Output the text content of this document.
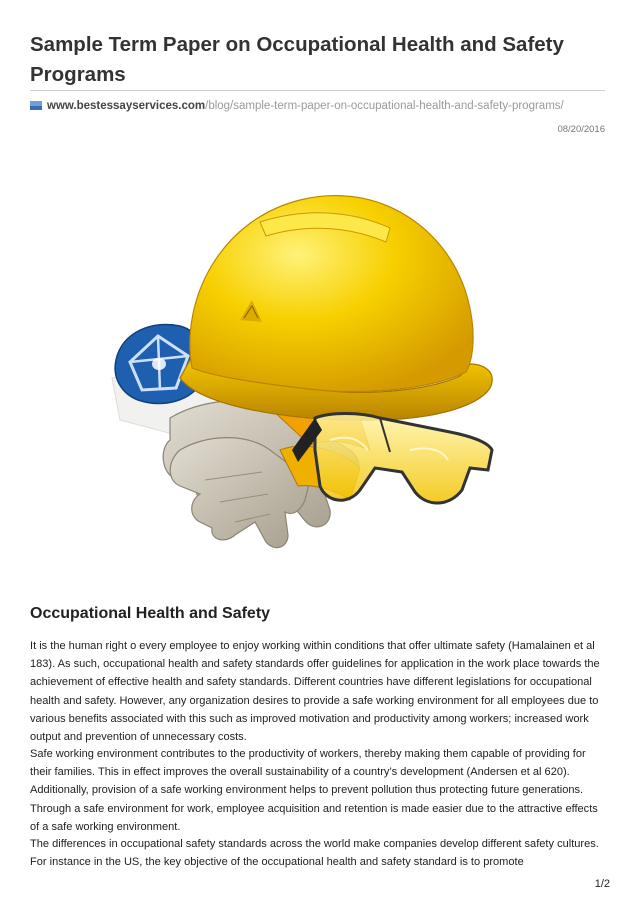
Sample Term Paper on Occupational Health and Safety Programs
www.bestessayservices.com/blog/sample-term-paper-on-occupational-health-and-safety-programs/
08/20/2016
Occupational Health and Safety

It is the human right o every employee to enjoy working within conditions that offer ultimate safety (Hamalainen et al 183). As such, occupational health and safety standards offer guidelines for application in the work place towards the achievement of effective health and safety standards. Different countries have different legislations for occupational health and safety. However, any organization desires to provide a safe working environment for all employees due to various benefits associated with this such as improved motivation and productivity among workers; increased work output and prevention of unnecessary costs.

Safe working environment contributes to the productivity of workers, thereby making them capable of providing for their families. This in effect improves the overall sustainability of a country’s development (Andersen et al 620). Additionally, provision of a safe working environment helps to prevent pollution thus protecting future generations. Through a safe environment for work, employee acquisition and retention is made easier due to the attractive effects of a safe working environment.

The differences in occupational safety standards across the world make companies develop different safety cultures. For instance in the US, the key objective of the occupational health and safety standard is to promote

1/2
